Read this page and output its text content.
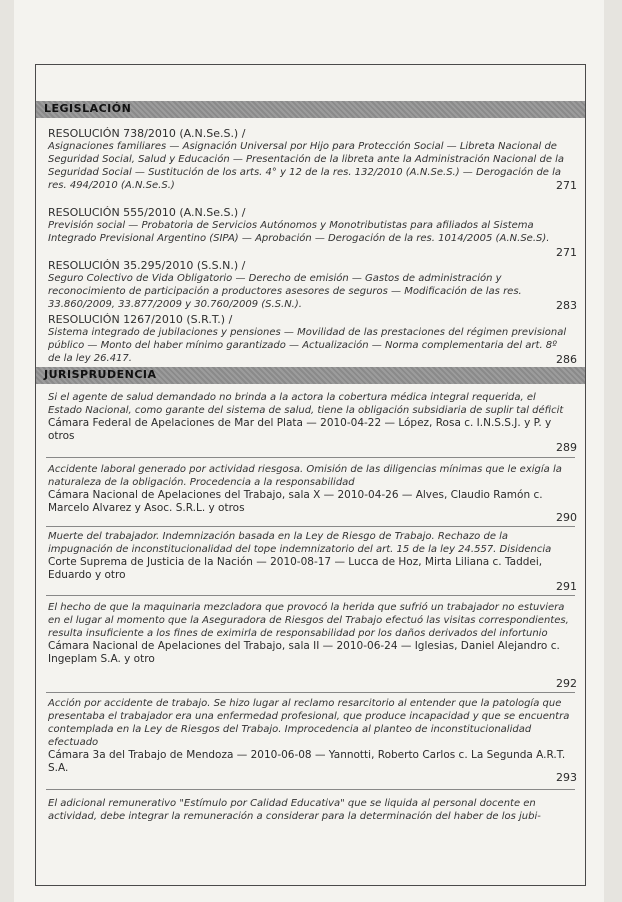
LEGISLACIÓN
RESOLUCIÓN 738/2010 (A.N.Se.S.) /
Asignaciones familiares — Asignación Universal por Hijo para Protección Social — Libreta Nacional de Seguridad Social, Salud y Educación — Presentación de la libreta ante la Administración Nacional de la Seguridad Social — Sustitución de los arts. 4° y 12 de la res. 132/2010 (A.N.Se.S.) — Derogación de la res. 494/2010 (A.N.Se.S.)	271
RESOLUCIÓN 555/2010 (A.N.Se.S.) /
Previsión social — Probatoria de Servicios Autónomos y Monotributistas para afiliados al Sistema Integrado Previsional Argentino (SIPA) — Aprobación — Derogación de la res. 1014/2005 (A.N.Se.S).
271
RESOLUCIÓN 35.295/2010 (S.S.N.) /
Seguro Colectivo de Vida Obligatorio — Derecho de emisión — Gastos de administración y reconocimiento de participación a productores asesores de seguros — Modificación de las res. 33.860/2009, 33.877/2009 y 30.760/2009 (S.S.N.).	283
RESOLUCIÓN 1267/2010 (S.R.T.) /
Sistema integrado de jubilaciones y pensiones — Movilidad de las prestaciones del régimen previsional público — Monto del haber mínimo garantizado — Actualización — Norma complementaria del art. 8º de la ley 26.417.	286
JURISPRUDENCIA
Si el agente de salud demandado no brinda a la actora la cobertura médica integral requerida, el Estado Nacional, como garante del sistema de salud, tiene la obligación subsidiaria de suplir tal déficit
Cámara Federal de Apelaciones de Mar del Plata — 2010-04-22 — López, Rosa c. I.N.S.S.J. y P. y otros
289
Accidente laboral generado por actividad riesgosa. Omisión de las diligencias mínimas que le exigía la naturaleza de la obligación. Procedencia a la responsabilidad
Cámara Nacional de Apelaciones del Trabajo, sala X — 2010-04-26 — Alves, Claudio Ramón c. Marcelo Alvarez y Asoc. S.R.L. y otros
290
Muerte del trabajador. Indemnización basada en la Ley de Riesgo de Trabajo. Rechazo de la impugnación de inconstitucionalidad del tope indemnizatorio del art. 15 de la ley 24.557. Disidencia
Corte Suprema de Justicia de la Nación — 2010-08-17 — Lucca de Hoz, Mirta Liliana c. Taddei, Eduardo y otro
291
El hecho de que la maquinaria mezcladora que provocó la herida que sufrió un trabajador no estuviera en el lugar al momento que la Aseguradora de Riesgos del Trabajo efectuó las visitas correspondientes, resulta insuficiente a los fines de eximirla de responsabilidad por los daños derivados del infortunio
Cámara Nacional de Apelaciones del Trabajo, sala II — 2010-06-24 — Iglesias, Daniel Alejandro c. Ingeplam S.A. y otro
292
Acción por accidente de trabajo. Se hizo lugar al reclamo resarcitorio al entender que la patología que presentaba el trabajador era una enfermedad profesional, que produce incapacidad y que se encuentra contemplada en la Ley de Riesgos del Trabajo. Improcedencia al planteo de inconstitucionalidad efectuado
Cámara 3a del Trabajo de Mendoza — 2010-06-08 — Yannotti, Roberto Carlos c. La Segunda A.R.T. S.A.
293
El adicional remunerativo "Estímulo por Calidad Educativa" que se liquida al personal docente en actividad, debe integrar la remuneración a considerar para la determinación del haber de los jubi-
